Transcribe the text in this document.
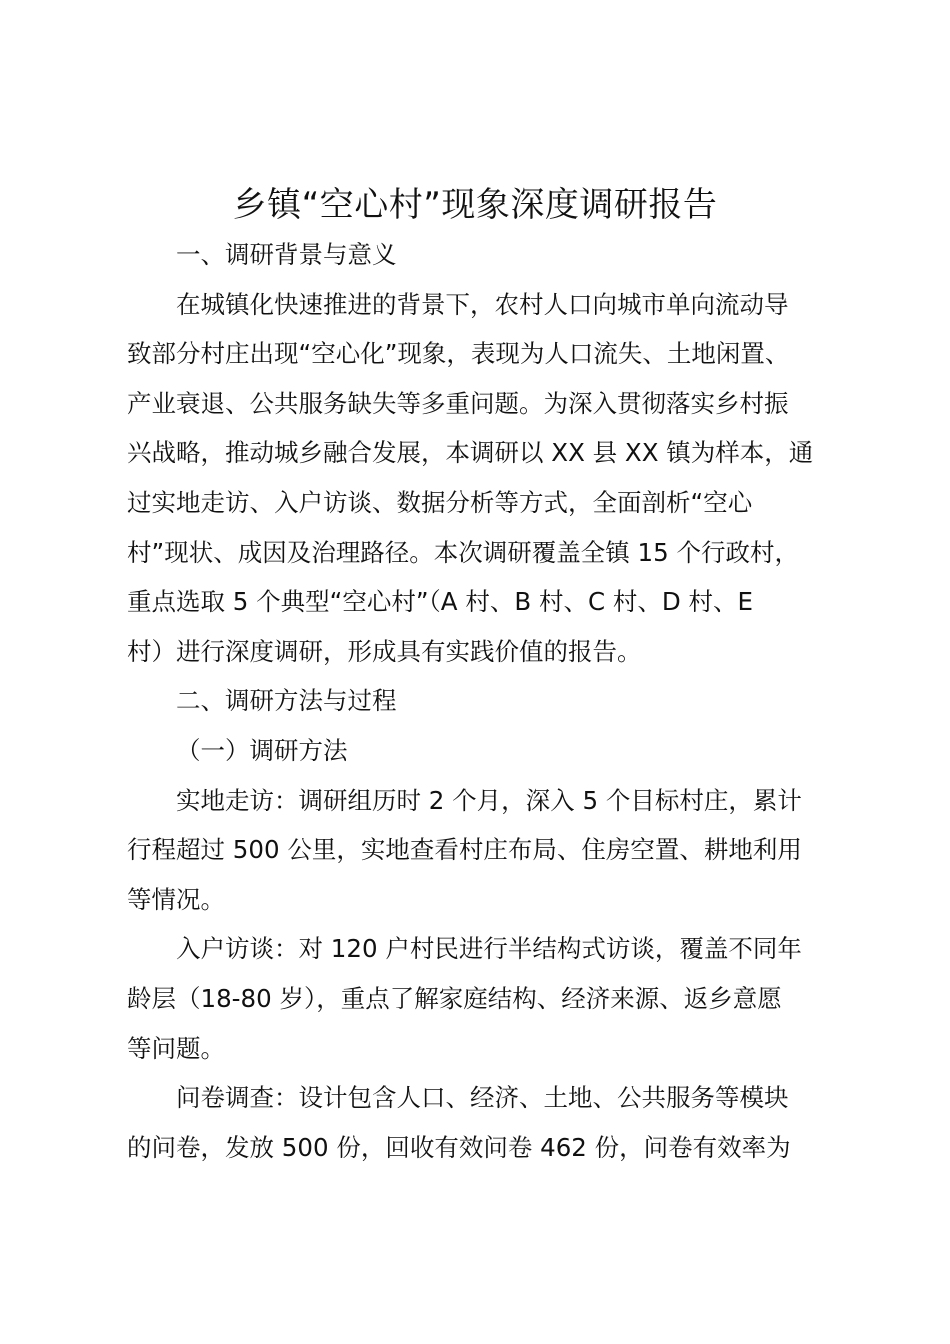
乡镇“空心村”现象深度调研报告
一、调研背景与意义
在城镇化快速推进的背景下，农村人口向城市单向流动导
致部分村庄出现“空心化”现象，表现为人口流失、土地闲置、
产业衰退、公共服务缺失等多重问题。为深入贯彻落实乡村振
兴战略，推动城乡融合发展，本调研以 XX 县 XX 镇为样本，通
过实地走访、入户访谈、数据分析等方式，全面剖析“空心
村”现状、成因及治理路径。本次调研覆盖全镇 15 个行政村，
重点选取 5 个典型“空心村”（A 村、B 村、C 村、D 村、E
村）进行深度调研，形成具有实践价值的报告。
二、调研方法与过程
（一）调研方法
实地走访：调研组历时 2 个月，深入 5 个目标村庄，累计
行程超过 500 公里，实地查看村庄布局、住房空置、耕地利用
等情况。
入户访谈：对 120 户村民进行半结构式访谈，覆盖不同年
龄层（18-80 岁），重点了解家庭结构、经济来源、返乡意愿
等问题。
问卷调查：设计包含人口、经济、土地、公共服务等模块
的问卷，发放 500 份，回收有效问卷 462 份，问卷有效率为
